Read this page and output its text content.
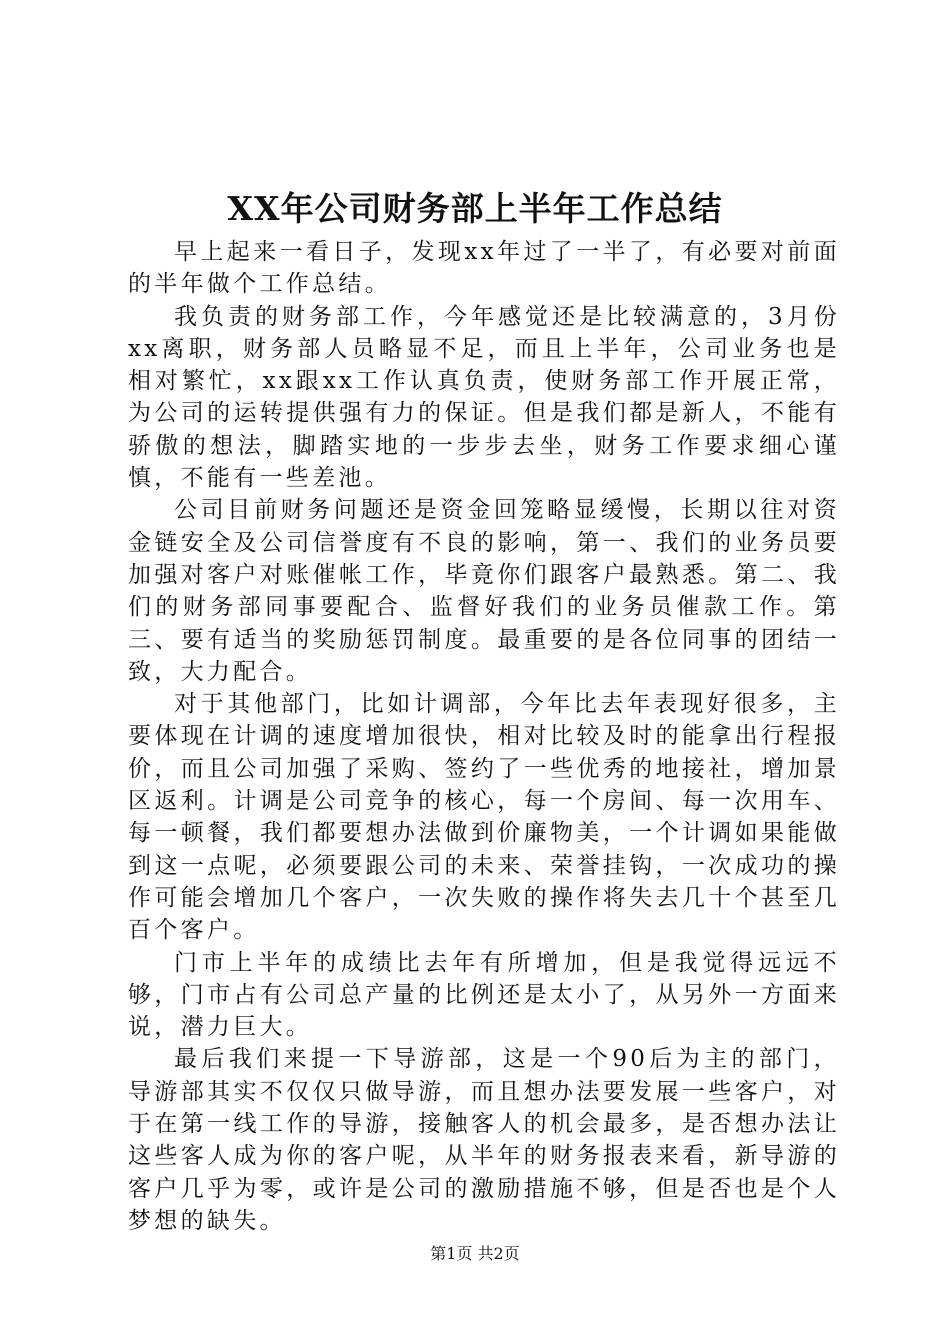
XX年公司财务部上半年工作总结

早上起来一看日子，发现xx年过了一半了，有必要对前面的半年做个工作总结。

我负责的财务部工作，今年感觉还是比较满意的，3月份xx离职，财务部人员略显不足，而且上半年，公司业务也是相对繁忙，xx跟xx工作认真负责，使财务部工作开展正常，为公司的运转提供强有力的保证。但是我们都是新人，不能有骄傲的想法，脚踏实地的一步步去坐，财务工作要求细心谨慎，不能有一些差池。

公司目前财务问题还是资金回笼略显缓慢，长期以往对资金链安全及公司信誉度有不良的影响，第一、我们的业务员要加强对客户对账催帐工作，毕竟你们跟客户最熟悉。第二、我们的财务部同事要配合、监督好我们的业务员催款工作。第三、要有适当的奖励惩罚制度。最重要的是各位同事的团结一致，大力配合。

对于其他部门，比如计调部，今年比去年表现好很多，主要体现在计调的速度增加很快，相对比较及时的能拿出行程报价，而且公司加强了采购、签约了一些优秀的地接社，增加景区返利。计调是公司竞争的核心，每一个房间、每一次用车、每一顿餐，我们都要想办法做到价廉物美，一个计调如果能做到这一点呢，必须要跟公司的未来、荣誉挂钩，一次成功的操作可能会增加几个客户，一次失败的操作将失去几十个甚至几百个客户。

门市上半年的成绩比去年有所增加，但是我觉得远远不够，门市占有公司总产量的比例还是太小了，从另外一方面来说，潜力巨大。

最后我们来提一下导游部，这是一个90后为主的部门，导游部其实不仅仅只做导游，而且想办法要发展一些客户，对于在第一线工作的导游，接触客人的机会最多，是否想办法让这些客人成为你的客户呢，从半年的财务报表来看，新导游的客户几乎为零，或许是公司的激励措施不够，但是否也是个人梦想的缺失。

第1页 共2页
